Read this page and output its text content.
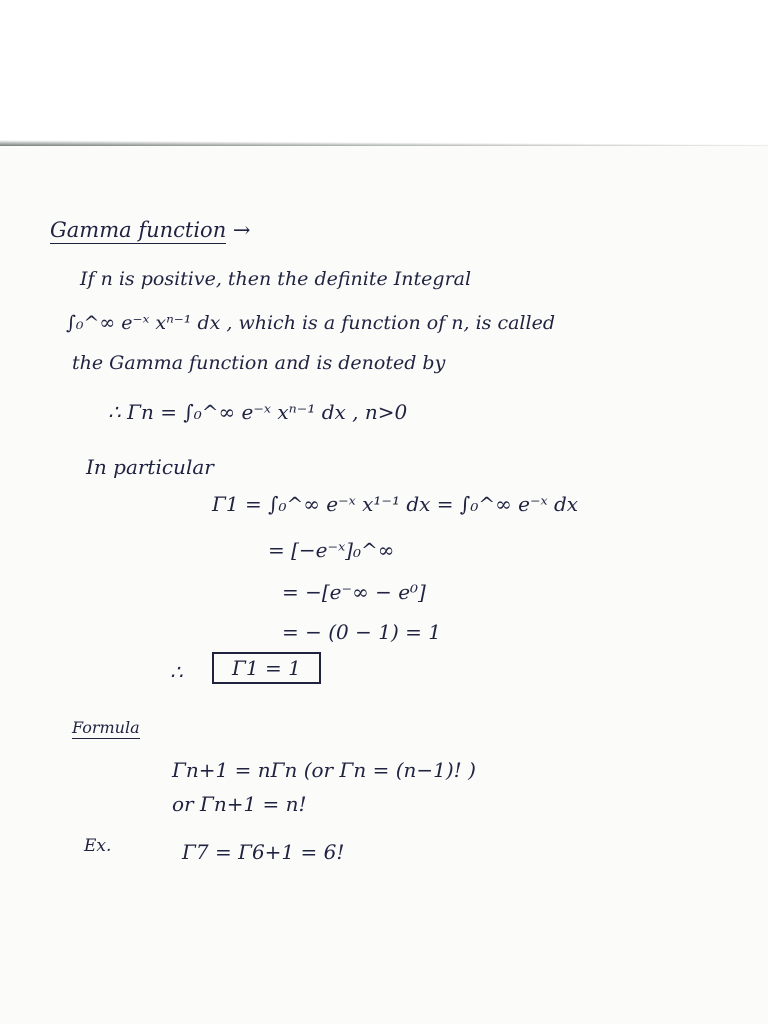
Gamma function →
If n is positive, then the definite Integral
∫₀^∞ e⁻ˣ xⁿ⁻¹ dx , which is a function of n, is called
the Gamma function and is denoted by
∴ Γn = ∫₀^∞ e⁻ˣ xⁿ⁻¹ dx , n>0
In particular
Γ1 = ∫₀^∞ e⁻ˣ x¹⁻¹ dx = ∫₀^∞ e⁻ˣ dx
= [−e⁻ˣ]₀^∞
= −[e⁻∞ − e⁰]
= − (0 − 1) = 1
∴	Γ1 = 1
Formula
Γn+1 = nΓn (or Γn = (n−1)! )
or Γn+1 = n!
Ex.	Γ7 = Γ6+1 = 6!
